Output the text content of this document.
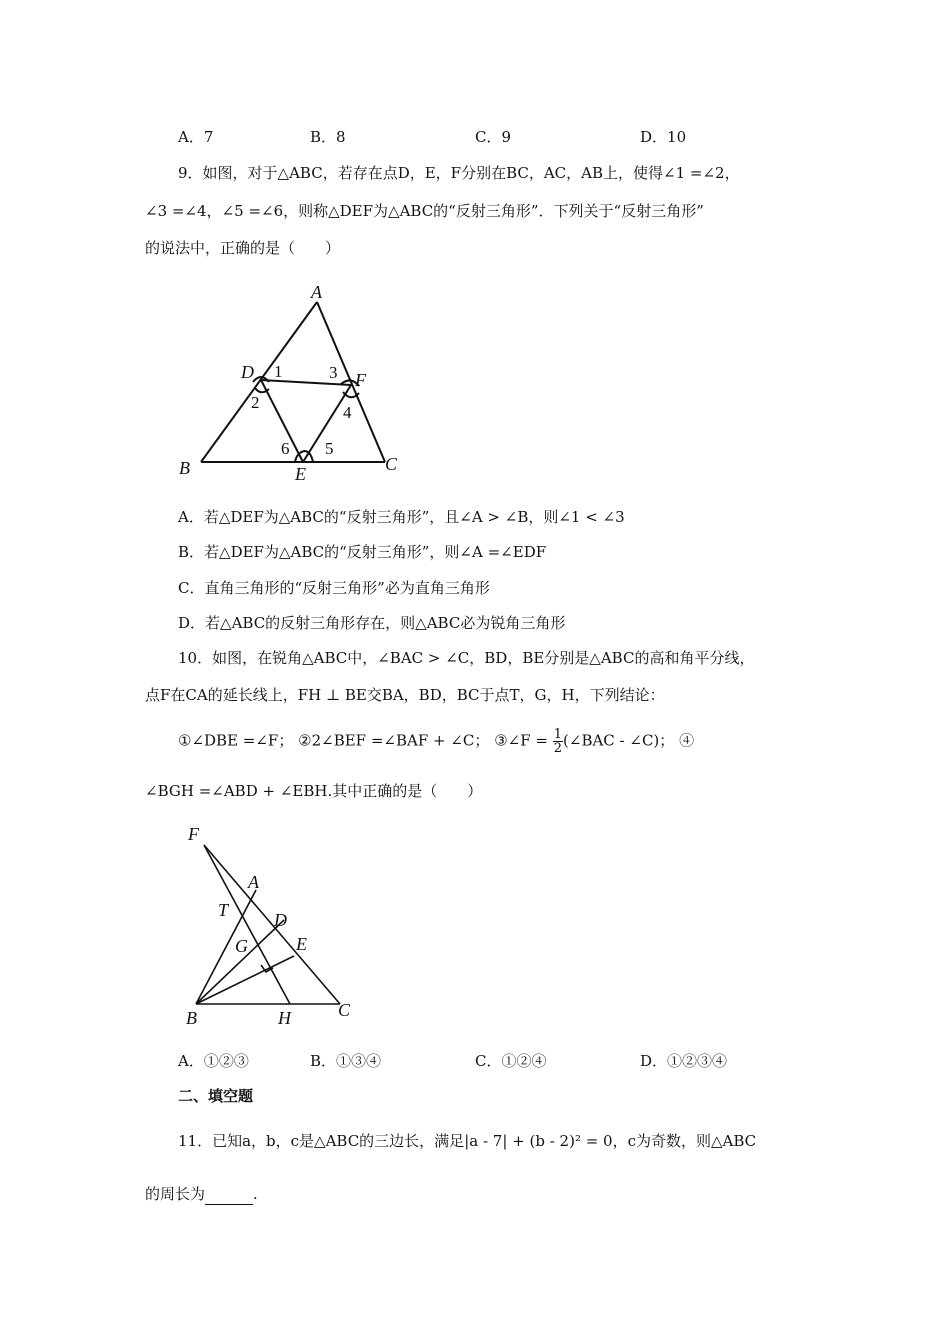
A．7	B．8	C．9	D．10
9．如图，对于△ABC，若存在点D，E，F分别在BC，AC，AB上，使得∠1 =∠2，
∠3 =∠4，∠5 =∠6，则称△DEF为△ABC的“反射三角形”．下列关于“反射三角形”
的说法中，正确的是（　　）
A
D	F
B	E	C
1
2
3
4
5
6
A．若△DEF为△ABC的“反射三角形”，且∠A > ∠B，则∠1 < ∠3
B．若△DEF为△ABC的“反射三角形”，则∠A =∠EDF
C．直角三角形的“反射三角形”必为直角三角形
D．若△ABC的反射三角形存在，则△ABC必为锐角三角形
10．如图，在锐角△ABC中，∠BAC > ∠C，BD，BE分别是△ABC的高和角平分线，
点F在CA的延长线上，FH ⊥ BE交BA，BD，BC于点T，G，H，下列结论：
①∠DBE =∠F； ②2∠BEF =∠BAF + ∠C； ③∠F = $\frac{1}{2}$ (∠BAC - ∠C)； ④
∠BGH =∠ABD + ∠EBH.其中正确的是（　　）
F
A
T	D
G	E
B	H	C
A．①②③	B．①③④	C．①②④	D．①②③④
二、填空题
11．已知a，b，c是△ABC的三边长，满足|a - 7| + (b - 2)² = 0，c为奇数，则△ABC
的周长为	.
